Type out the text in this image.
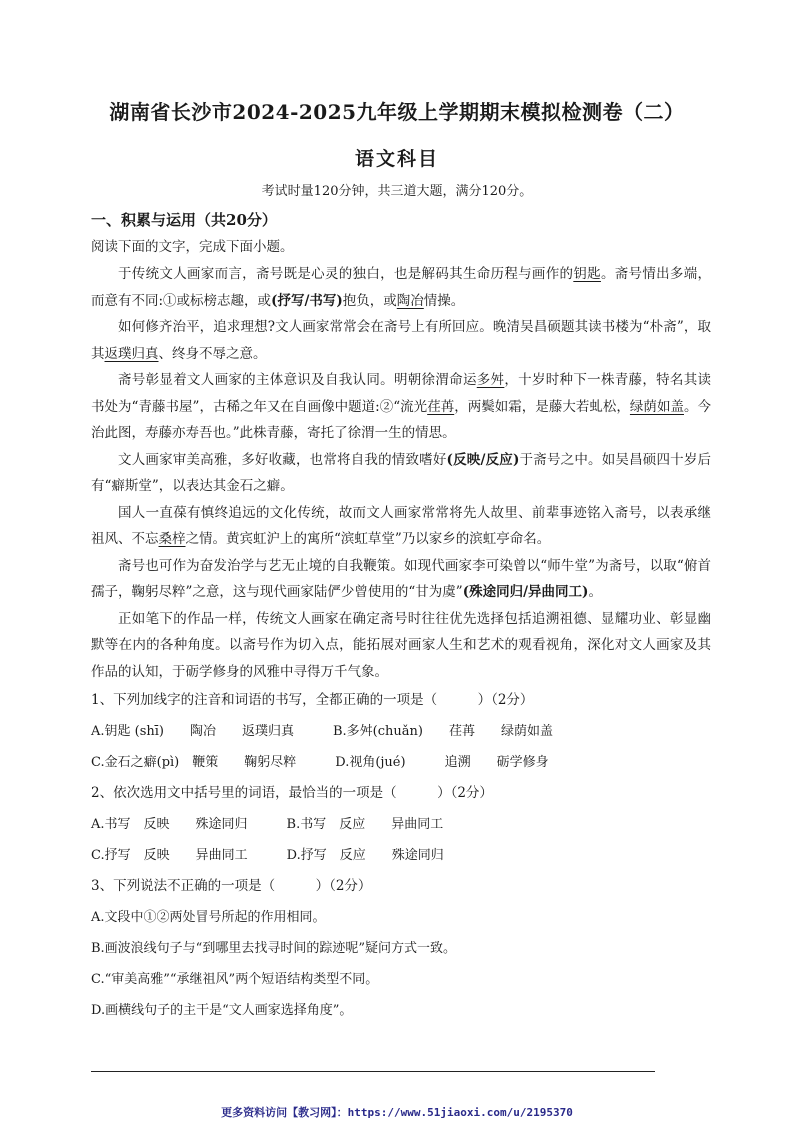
湖南省长沙市2024-2025九年级上学期期末模拟检测卷（二）
语文科目
考试时量120分钟，共三道大题，满分120分。

一、积累与运用（共20分）

阅读下面的文字，完成下面小题。

于传统文人画家而言，斋号既是心灵的独白，也是解码其生命历程与画作的钥匙。斋号情出多端，而意有不同:①或标榜志趣，或(抒写/书写)抱负，或陶冶情操。

如何修齐治平，追求理想?文人画家常常会在斋号上有所回应。晚清吴昌硕题其读书楼为“朴斋”，取其返璞归真、终身不辱之意。

斋号彰显着文人画家的主体意识及自我认同。明朝徐渭命运多舛，十岁时种下一株青藤，特名其读书处为“青藤书屋”，古稀之年又在自画像中题道:②“流光荏苒，两鬓如霜，是藤大若虬松，绿荫如盖。今治此图，寿藤亦寿吾也。”此株青藤，寄托了徐渭一生的情思。

文人画家审美高雅，多好收藏，也常将自我的情致嗜好(反映/反应)于斋号之中。如吴昌硕四十岁后有“癖斯堂”，以表达其金石之癖。

国人一直葆有慎终追远的文化传统，故而文人画家常常将先人故里、前辈事迹铭入斋号，以表承继祖风、不忘桑梓之情。黄宾虹沪上的寓所“滨虹草堂”乃以家乡的滨虹亭命名。

斋号也可作为奋发治学与艺无止境的自我鞭策。如现代画家李可染曾以“师牛堂”为斋号，以取“俯首孺子，鞠躬尽粹”之意，这与现代画家陆俨少曾使用的“甘为虞”(殊途同归/异曲同工)。

正如笔下的作品一样，传统文人画家在确定斋号时往往优先选择包括追溯祖德、显耀功业、彰显幽默等在内的各种角度。以斋号作为切入点，能拓展对画家人生和艺术的观看视角，深化对文人画家及其作品的认知，于砺学修身的风雅中寻得万千气象。

1、下列加线字的注音和词语的书写，全都正确的一项是（　　　）（2分）

A.钥匙 (shī)　　陶冶　　返璞归真　　　B.多舛(chuǎn)　　荏苒　　绿荫如盖

C.金石之癖(pì)　鞭策　　鞠躬尽粹　　　D.视角(jué)　　　追溯　　砺学修身

2、依次选用文中括号里的词语，最恰当的一项是（　　　）（2分）

A.书写　反映　　殊途同归　　　B.书写　反应　　异曲同工

C.抒写　反映　　异曲同工　　　D.抒写　反应　　殊途同归

3、下列说法不正确的一项是（　　　）（2分）

A.文段中①②两处冒号所起的作用相同。

B.画波浪线句子与“到哪里去找寻时间的踪迹呢”疑问方式一致。

C.“审美高雅”“承继祖风”两个短语结构类型不同。

D.画横线句子的主干是“文人画家选择角度”。

更多资料访问【教习网】：https://www.51jiaoxi.com/u/2195370
